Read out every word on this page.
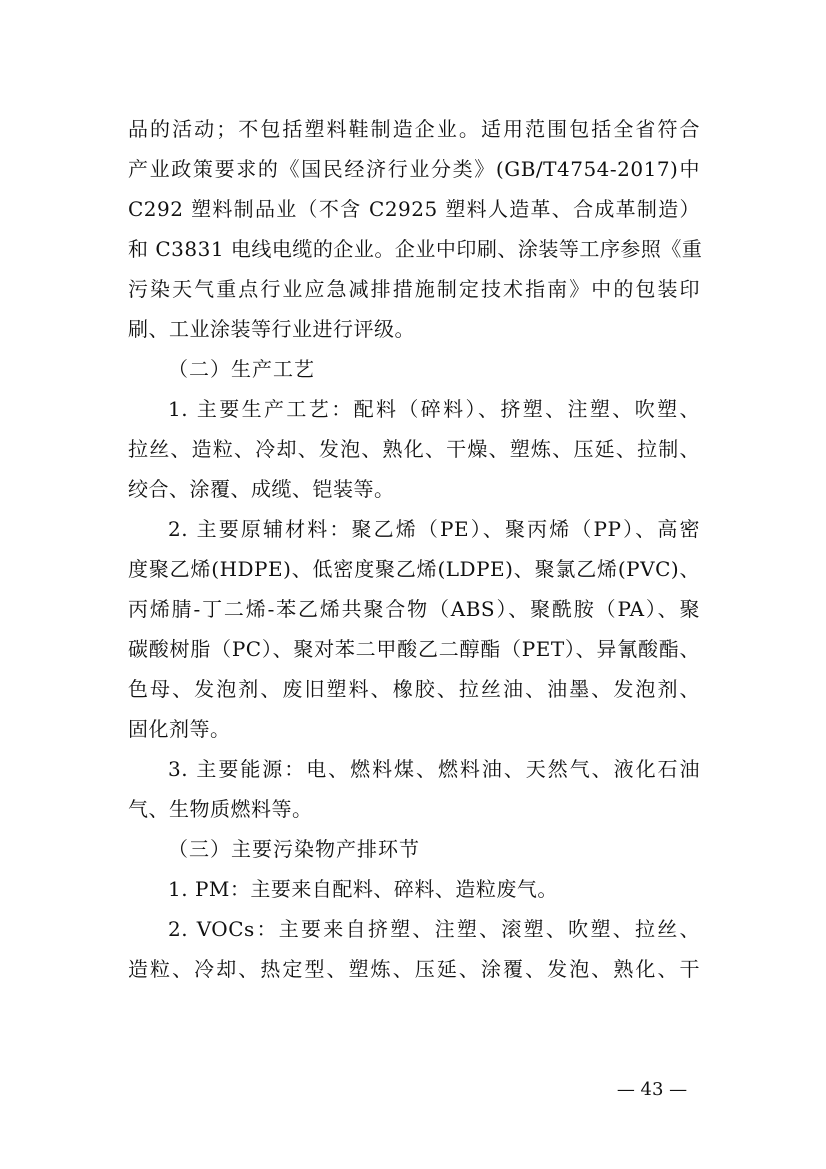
品的活动；不包括塑料鞋制造企业。适用范围包括全省符合
产业政策要求的《国民经济行业分类》(GB/T4754-2017)中
C292 塑料制品业（不含 C2925 塑料人造革、合成革制造）
和 C3831 电线电缆的企业。企业中印刷、涂装等工序参照《重
污染天气重点行业应急减排措施制定技术指南》中的包装印
刷、工业涂装等行业进行评级。
（二）生产工艺
1. 主要生产工艺：配料（碎料）、挤塑、注塑、吹塑、
拉丝、造粒、冷却、发泡、熟化、干燥、塑炼、压延、拉制、
绞合、涂覆、成缆、铠装等。
2. 主要原辅材料：聚乙烯（PE）、聚丙烯（PP）、高密
度聚乙烯(HDPE)、低密度聚乙烯(LDPE)、聚氯乙烯(PVC)、
丙烯腈-丁二烯-苯乙烯共聚合物（ABS）、聚酰胺（PA）、聚
碳酸树脂（PC）、聚对苯二甲酸乙二醇酯（PET）、异氰酸酯、
色母、发泡剂、废旧塑料、橡胶、拉丝油、油墨、发泡剂、
固化剂等。
3. 主要能源：电、燃料煤、燃料油、天然气、液化石油
气、生物质燃料等。
（三）主要污染物产排环节
1. PM：主要来自配料、碎料、造粒废气。
2. VOCs：主要来自挤塑、注塑、滚塑、吹塑、拉丝、
造粒、冷却、热定型、塑炼、压延、涂覆、发泡、熟化、干
— 43 —
